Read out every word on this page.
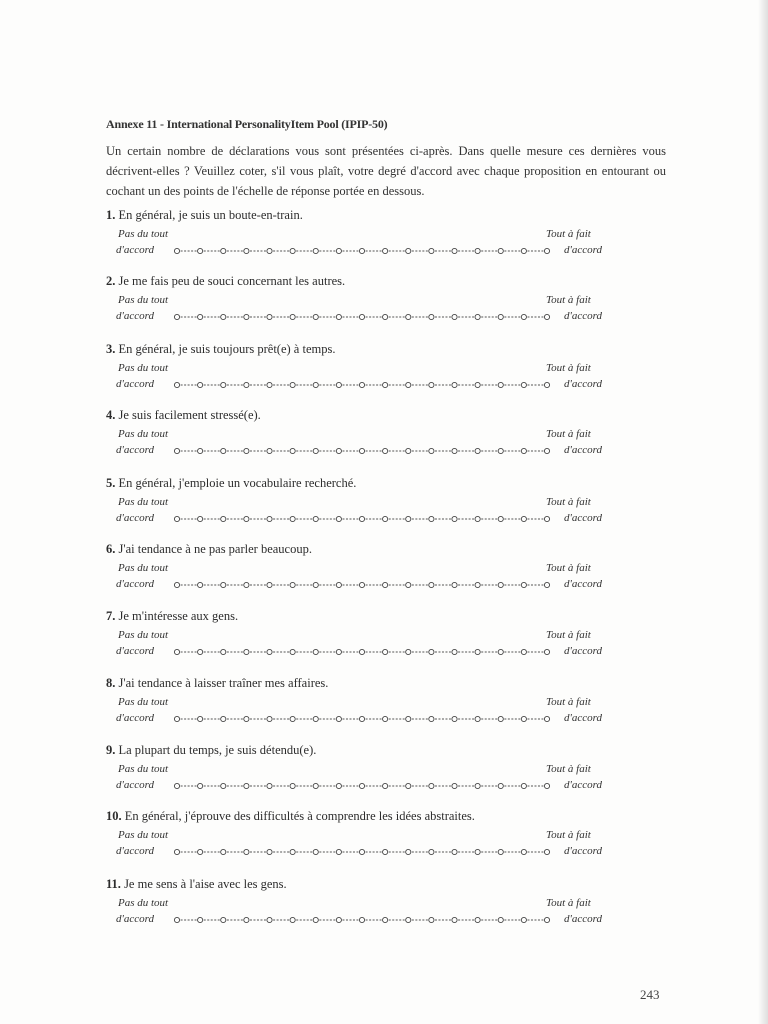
Annexe 11 - International PersonalityItem Pool (IPIP-50)
Un certain nombre de déclarations vous sont présentées ci-après. Dans quelle mesure ces dernières vous décrivent-elles ? Veuillez coter, s'il vous plaît, votre degré d'accord avec chaque proposition en entourant ou cochant un des points de l'échelle de réponse portée en dessous.
1. En général, je suis un boute-en-train.
Pas du tout
d'accord
Tout à fait
d'accord
2. Je me fais peu de souci concernant les autres.
Pas du tout
d'accord
Tout à fait
d'accord
3. En général, je suis toujours prêt(e) à temps.
Pas du tout
d'accord
Tout à fait
d'accord
4. Je suis facilement stressé(e).
Pas du tout
d'accord
Tout à fait
d'accord
5. En général, j'emploie un vocabulaire recherché.
Pas du tout
d'accord
Tout à fait
d'accord
6. J'ai tendance à ne pas parler beaucoup.
Pas du tout
d'accord
Tout à fait
d'accord
7. Je m'intéresse aux gens.
Pas du tout
d'accord
Tout à fait
d'accord
8. J'ai tendance à laisser traîner mes affaires.
Pas du tout
d'accord
Tout à fait
d'accord
9. La plupart du temps, je suis détendu(e).
Pas du tout
d'accord
Tout à fait
d'accord
10. En général, j'éprouve des difficultés à comprendre les idées abstraites.
Pas du tout
d'accord
Tout à fait
d'accord
11. Je me sens à l'aise avec les gens.
Pas du tout
d'accord
Tout à fait
d'accord
243
